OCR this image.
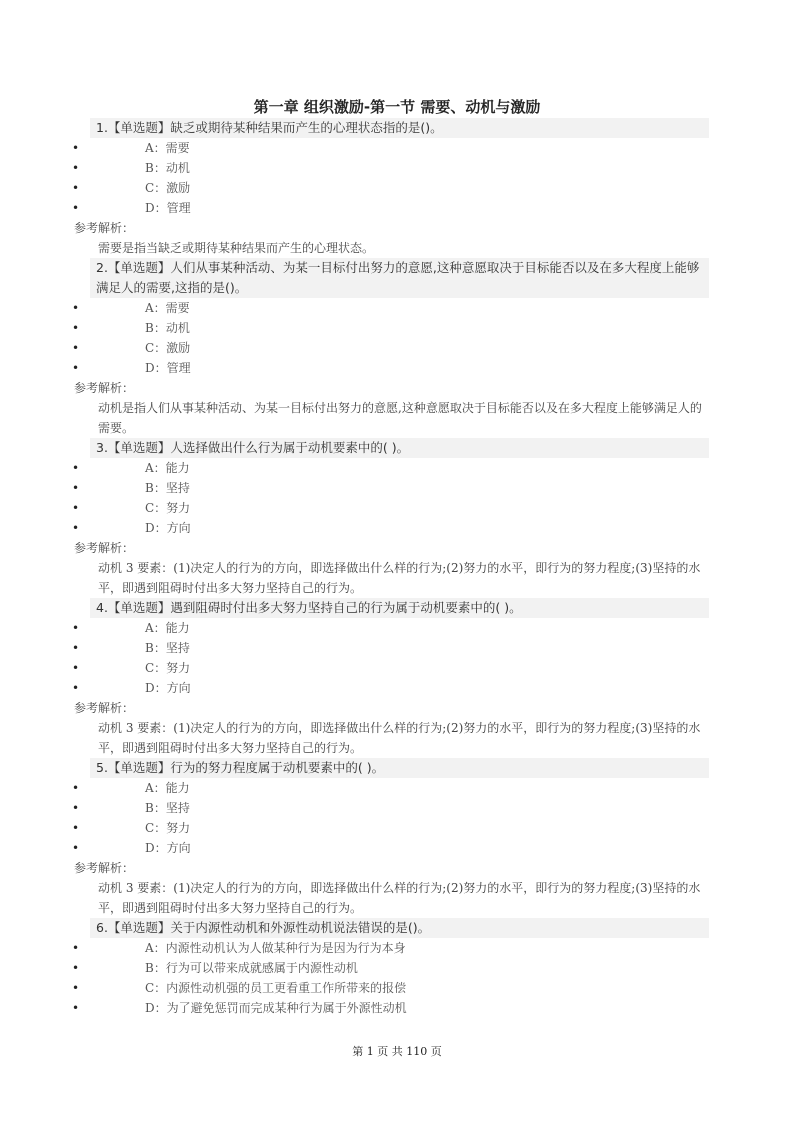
第一章 组织激励-第一节 需要、动机与激励
1.【单选题】缺乏或期待某种结果而产生的心理状态指的是()。
•	A：需要
•	B：动机
•	C：激励
•	D：管理
参考解析：
需要是指当缺乏或期待某种结果而产生的心理状态。
2.【单选题】人们从事某种活动、为某一目标付出努力的意愿,这种意愿取决于目标能否以及在多大程度上能够满足人的需要,这指的是()。
•	A：需要
•	B：动机
•	C：激励
•	D：管理
参考解析：
动机是指人们从事某种活动、为某一目标付出努力的意愿,这种意愿取决于目标能否以及在多大程度上能够满足人的需要。
3.【单选题】人选择做出什么行为属于动机要素中的( )。
•	A：能力
•	B：坚持
•	C：努力
•	D：方向
参考解析：
动机 3 要素：(1)决定人的行为的方向，即选择做出什么样的行为;(2)努力的水平，即行为的努力程度;(3)坚持的水平，即遇到阻碍时付出多大努力坚持自己的行为。
4.【单选题】遇到阻碍时付出多大努力坚持自己的行为属于动机要素中的( )。
•	A：能力
•	B：坚持
•	C：努力
•	D：方向
参考解析：
动机 3 要素：(1)决定人的行为的方向，即选择做出什么样的行为;(2)努力的水平，即行为的努力程度;(3)坚持的水平，即遇到阻碍时付出多大努力坚持自己的行为。
5.【单选题】行为的努力程度属于动机要素中的( )。
•	A：能力
•	B：坚持
•	C：努力
•	D：方向
参考解析：
动机 3 要素：(1)决定人的行为的方向，即选择做出什么样的行为;(2)努力的水平，即行为的努力程度;(3)坚持的水平，即遇到阻碍时付出多大努力坚持自己的行为。
6.【单选题】关于内源性动机和外源性动机说法错误的是()。
•	A：内源性动机认为人做某种行为是因为行为本身
•	B：行为可以带来成就感属于内源性动机
•	C：内源性动机强的员工更看重工作所带来的报偿
•	D：为了避免惩罚而完成某种行为属于外源性动机
第 1 页 共 110 页
